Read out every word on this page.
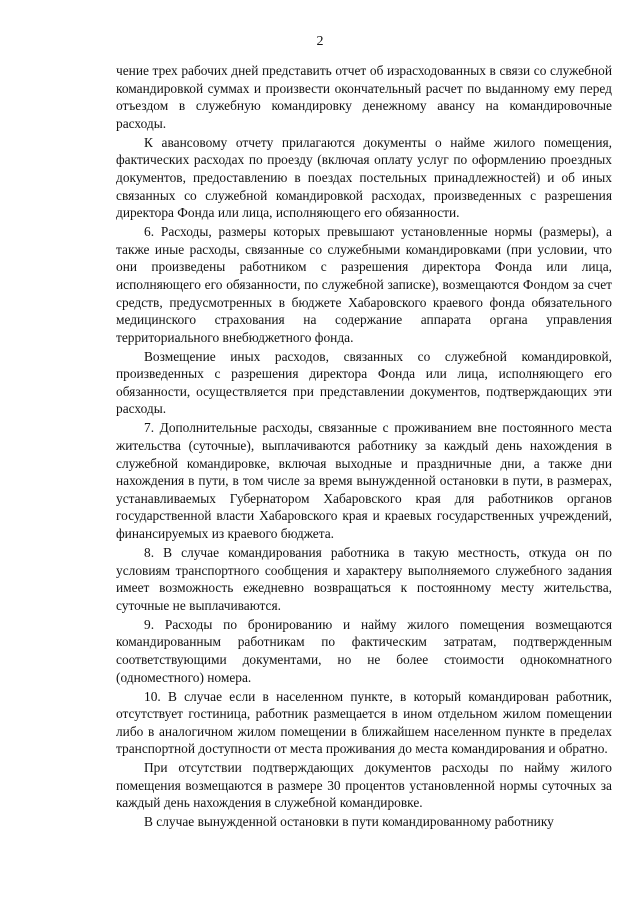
2

чение трех рабочих дней представить отчет об израсходованных в связи со служебной командировкой суммах и произвести окончательный расчет по выданному ему перед отъездом в служебную командировку денежному авансу на командировочные расходы.

К авансовому отчету прилагаются документы о найме жилого помещения, фактических расходах по проезду (включая оплату услуг по оформлению проездных документов, предоставлению в поездах постельных принадлежностей) и об иных связанных со служебной командировкой расходах, произведенных с разрешения директора Фонда или лица, исполняющего его обязанности.

6. Расходы, размеры которых превышают установленные нормы (размеры), а также иные расходы, связанные со служебными командировками (при условии, что они произведены работником с разрешения директора Фонда или лица, исполняющего его обязанности, по служебной записке), возмещаются Фондом за счет средств, предусмотренных в бюджете Хабаровского краевого фонда обязательного медицинского страхования на содержание аппарата органа управления территориального внебюджетного фонда.

Возмещение иных расходов, связанных со служебной командировкой, произведенных с разрешения директора Фонда или лица, исполняющего его обязанности, осуществляется при представлении документов, подтверждающих эти расходы.

7. Дополнительные расходы, связанные с проживанием вне постоянного места жительства (суточные), выплачиваются работнику за каждый день нахождения в служебной командировке, включая выходные и праздничные дни, а также дни нахождения в пути, в том числе за время вынужденной остановки в пути, в размерах, устанавливаемых Губернатором Хабаровского края для работников органов государственной власти Хабаровского края и краевых государственных учреждений, финансируемых из краевого бюджета.

8. В случае командирования работника в такую местность, откуда он по условиям транспортного сообщения и характеру выполняемого служебного задания имеет возможность ежедневно возвращаться к постоянному месту жительства, суточные не выплачиваются.

9. Расходы по бронированию и найму жилого помещения возмещаются командированным работникам по фактическим затратам, подтвержденным соответствующими документами, но не более стоимости однокомнатного (одноместного) номера.

10. В случае если в населенном пункте, в который командирован работник, отсутствует гостиница, работник размещается в ином отдельном жилом помещении либо в аналогичном жилом помещении в ближайшем населенном пункте в пределах транспортной доступности от места проживания до места командирования и обратно.

При отсутствии подтверждающих документов расходы по найму жилого помещения возмещаются в размере 30 процентов установленной нормы суточных за каждый день нахождения в служебной командировке.

В случае вынужденной остановки в пути командированному работнику
